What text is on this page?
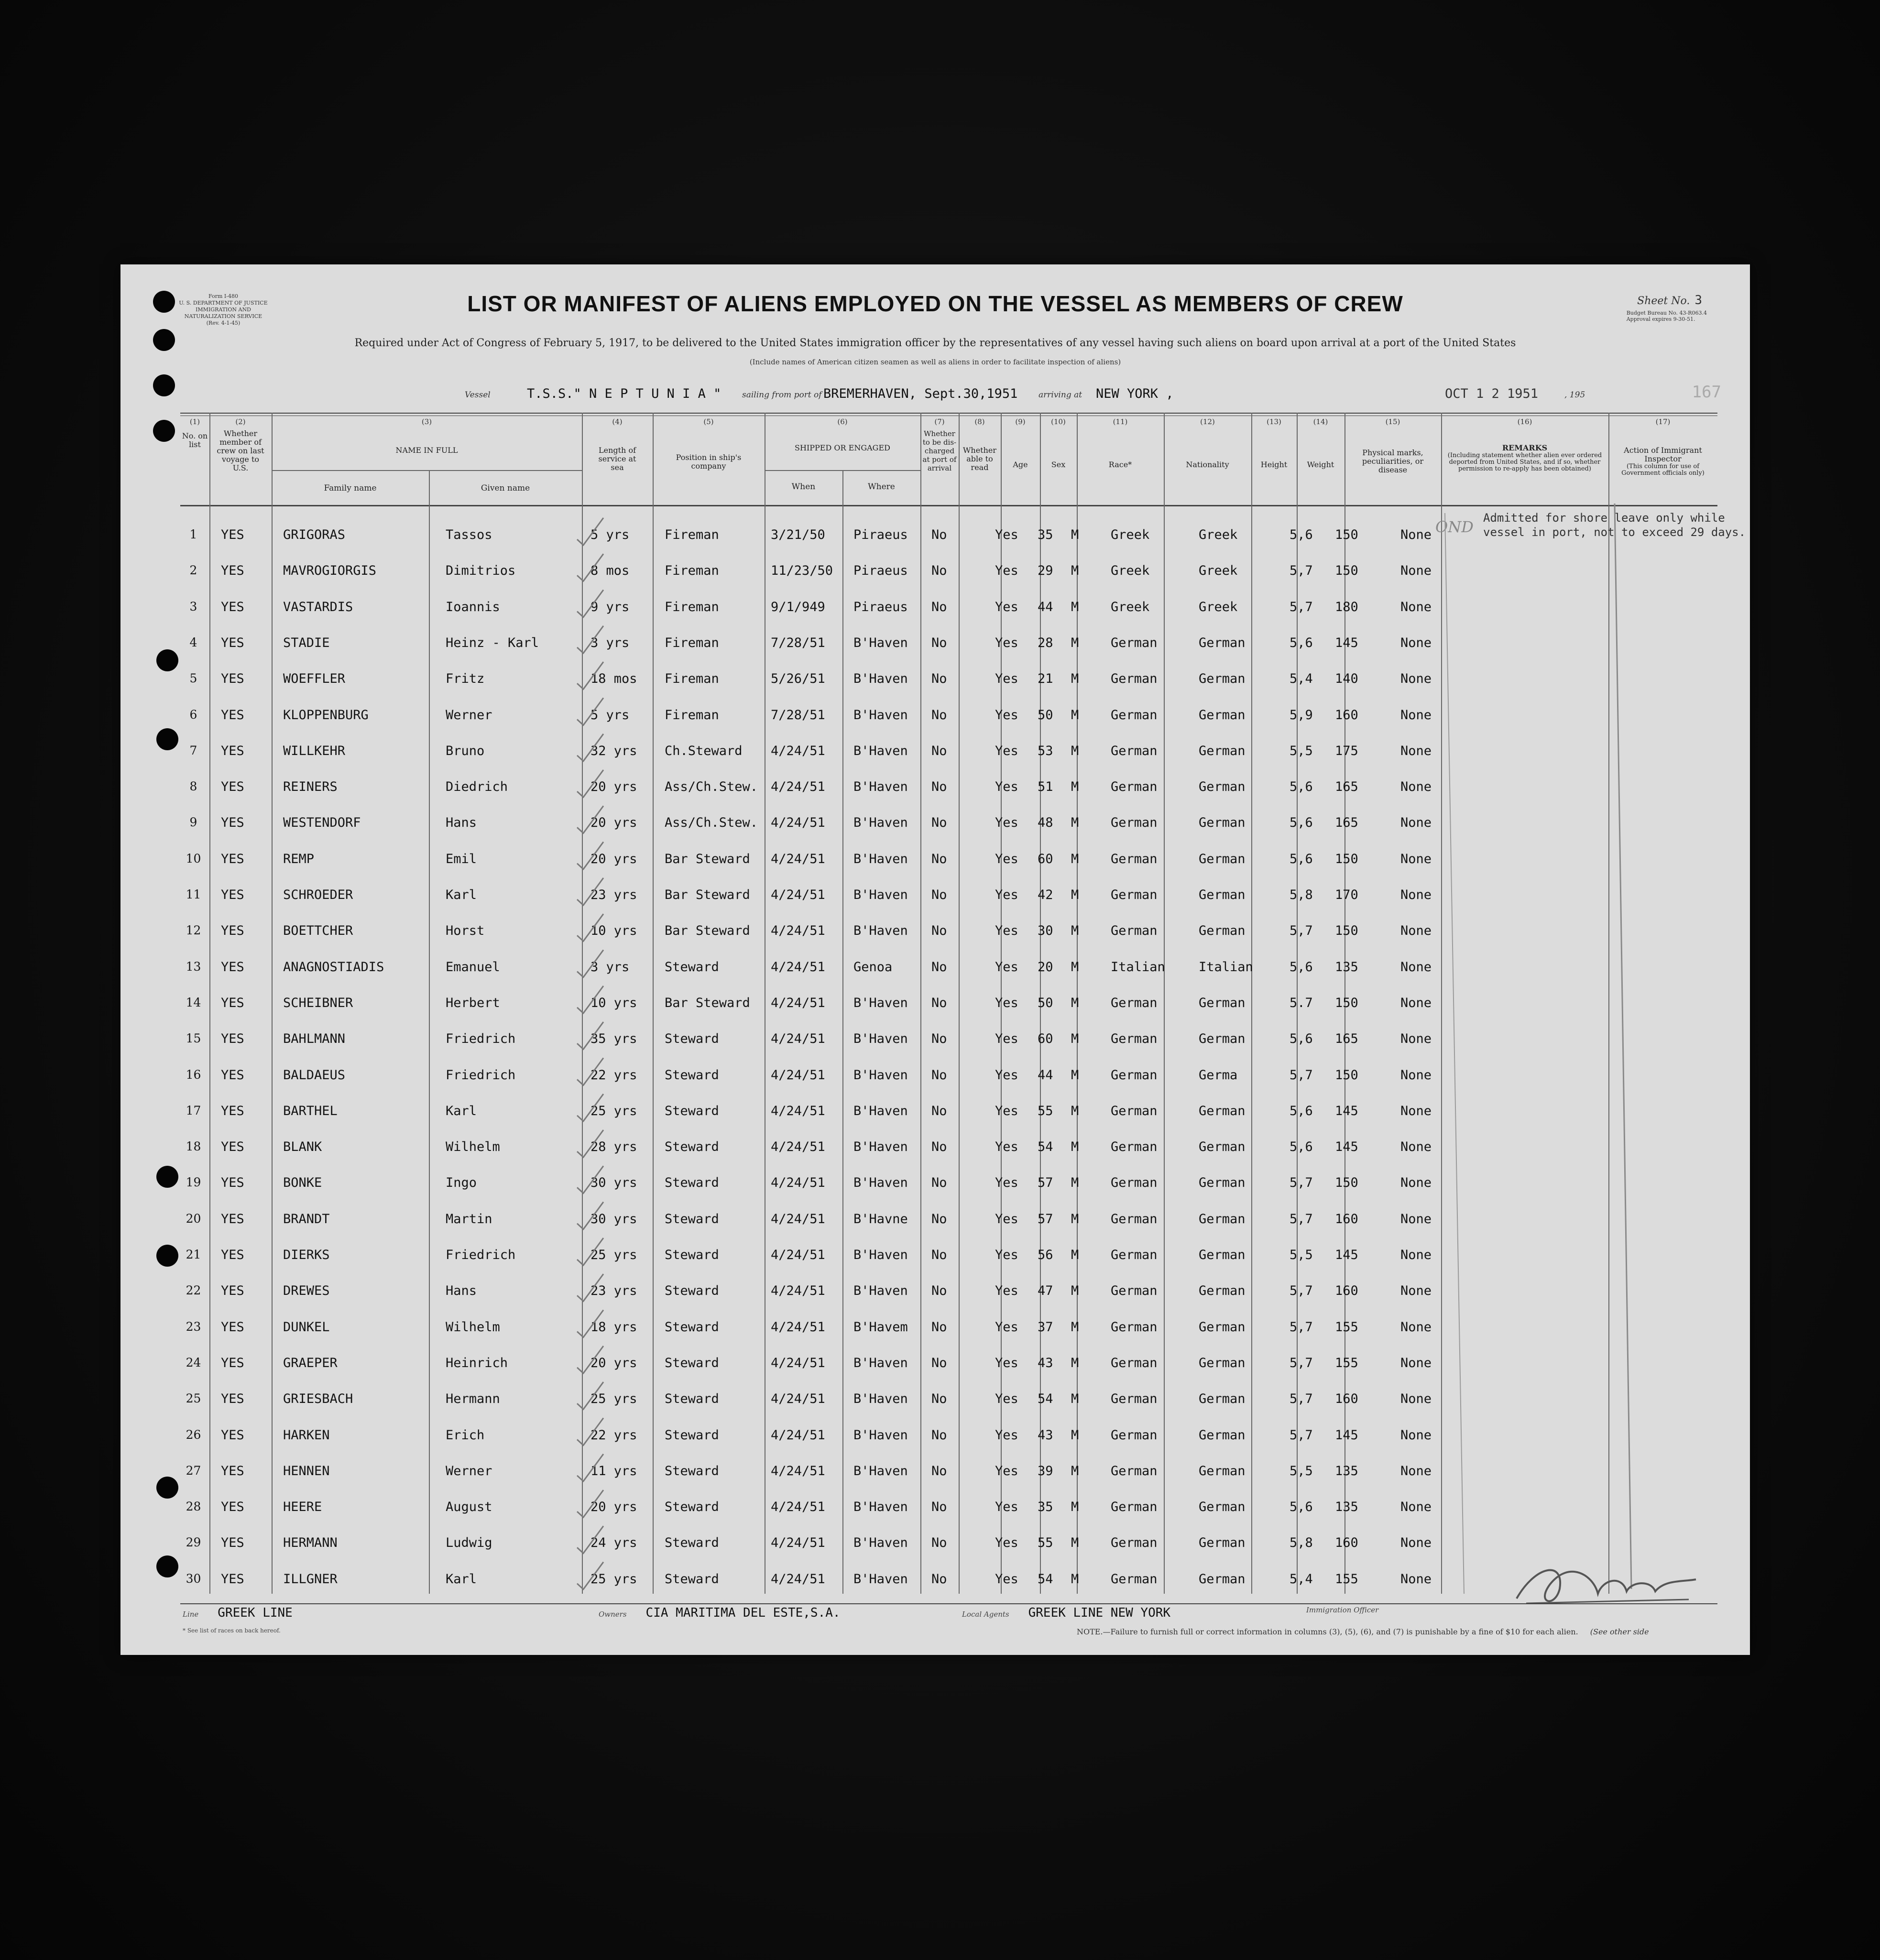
Form I-480
U. S. DEPARTMENT OF JUSTICE
IMMIGRATION AND NATURALIZATION SERVICE
(Rev. 4-1-45)
LIST OR MANIFEST OF ALIENS EMPLOYED ON THE VESSEL AS MEMBERS OF CREW	Sheet No. 3
Budget Bureau No. 43-R063.4
Approval expires 9-30-51.
Required under Act of Congress of February 5, 1917, to be delivered to the United States immigration officer by the representatives of any vessel having such aliens on board upon arrival at a port of the United States
(Include names of American citizen seamen as well as aliens in order to facilitate inspection of aliens)
Vessel	T.S.S." N E P T U N I A "	sailing from port of BREMERHAVEN, Sept.30,1951	arriving at NEW YORK ,	OCT 1 2 1951	, 195	167
(1)
No. on list
(2)
Whether member of crew on last voyage to U.S.
(3)
NAME IN FULL
Family name	Given name
(4)
Length of service at sea
(5)
Position in ship's company
(6)
SHIPPED OR ENGAGED
When	Where
(7)
Whether to be dis-charged at port of arrival
(8)
Whether able to read
(9)
Age
(10)
Sex
(11)
Race*
(12)
Nationality
(13)
Height
(14)
Weight
(15)
Physical marks, peculiarities, or disease
(16)
REMARKS
(Including statement whether alien ever ordered deported from United States, and if so, whether permission to re-apply has been obtained)
(17)
Action of Immigrant Inspector
(This column for use of Government officials only)
OND Admitted for shore leave only while vessel in port, not to exceed 29 days.
1	YES	GRIGORAS	Tassos	5 yrs	Fireman	3/21/50 Piraeus No	Yes 35 M Greek	Greek	5,6 150	None
2	YES	MAVROGIORGIS	Dimitrios	8 mos	Fireman	11/23/50 Piraeus No	Yes 29 M Greek	Greek	5,7 150	None
3	YES	VASTARDIS	Ioannis	9 yrs	Fireman	9/1/949 Piraeus No	Yes 44 M Greek	Greek	5,7 180	None
4	YES	STADIE	Heinz - Karl	3 yrs	Fireman	7/28/51 B'Haven No	Yes 28 M German	German	5,6 145	None
5	YES	WOEFFLER	Fritz	18 mos Fireman	5/26/51 B'Haven No	Yes 21 M German	German	5,4 140	None
6	YES	KLOPPENBURG	Werner	5 yrs	Fireman	7/28/51 B'Haven No	Yes 50 M German	German	5,9 160	None
7	YES	WILLKEHR	Bruno	32 yrs Ch.Steward 4/24/51 B'Haven No	Yes 53 M German	German	5,5 175	None
8	YES	REINERS	Diedrich	20 yrs Ass/Ch.Stew. 4/24/51 B'Haven No	Yes 51 M German	German	5,6 165	None
9	YES	WESTENDORF	Hans	20 yrs Ass/Ch.Stew. 4/24/51 B'Haven No	Yes 48 M German	German	5,6 165	None
10	YES	REMP	Emil	20 yrs Bar Steward 4/24/51 B'Haven No	Yes 60 M German	German	5,6 150	None
11	YES	SCHROEDER	Karl	23 yrs Bar Steward 4/24/51 B'Haven No	Yes 42 M German	German	5,8 170	None
12	YES	BOETTCHER	Horst	10 yrs Bar Steward 4/24/51 B'Haven No	Yes 30 M German	German	5,7 150	None
13	YES	ANAGNOSTIADIS	Emanuel	3 yrs	Steward	4/24/51 Genoa	No	Yes 20 M Italian	Italian	5,6 135	None
14	YES	SCHEIBNER	Herbert	10 yrs Bar Steward 4/24/51 B'Haven No	Yes 50 M German	German	5.7 150	None
15	YES	BAHLMANN	Friedrich	35 yrs Steward	4/24/51 B'Haven No	Yes 60 M German	German	5,6 165	None
16	YES	BALDAEUS	Friedrich	22 yrs Steward	4/24/51 B'Haven No	Yes 44 M German	Germa	5,7 150	None
17	YES	BARTHEL	Karl	25 yrs Steward	4/24/51 B'Haven No	Yes 55 M German	German	5,6 145	None
18	YES	BLANK	Wilhelm	28 yrs Steward	4/24/51 B'Haven No	Yes 54 M German	German	5,6 145	None
19	YES	BONKE	Ingo	30 yrs Steward	4/24/51 B'Haven No	Yes 57 M German	German	5,7 150	None
20	YES	BRANDT	Martin	30 yrs Steward	4/24/51 B'Havne No	Yes 57 M German	German	5,7 160	None
21	YES	DIERKS	Friedrich	25 yrs Steward	4/24/51 B'Haven No	Yes 56 M German	German	5,5 145	None
22	YES	DREWES	Hans	23 yrs Steward	4/24/51 B'Haven No	Yes 47 M German	German	5,7 160	None
23	YES	DUNKEL	Wilhelm	18 yrs Steward	4/24/51 B'Havem No	Yes 37 M German	German	5,7 155	None
24	YES	GRAEPER	Heinrich	20 yrs Steward	4/24/51 B'Haven No	Yes 43 M German	German	5,7 155	None
25	YES	GRIESBACH	Hermann	25 yrs Steward	4/24/51 B'Haven No	Yes 54 M German	German	5,7 160	None
26	YES	HARKEN	Erich	22 yrs Steward	4/24/51 B'Haven No	Yes 43 M German	German	5,7 145	None
27	YES	HENNEN	Werner	11 yrs Steward	4/24/51 B'Haven No	Yes 39 M German	German	5,5 135	None
28	YES	HEERE	August	20 yrs Steward	4/24/51 B'Haven No	Yes 35 M German	German	5,6 135	None
29	YES	HERMANN	Ludwig	24 yrs Steward	4/24/51 B'Haven No	Yes 55 M German	German	5,8 160	None
30	YES	ILLGNER	Karl	25 yrs Steward	4/24/51 B'Haven No	Yes 54 M German	German	5,4 155	None
Line GREEK LINE	Owners CIA MARITIMA DEL ESTE,S.A.	Local Agents GREEK LINE NEW YORK	Immigration Officer
* See list of races on back hereof.	NOTE.—Failure to furnish full or correct information in columns (3), (5), (6), and (7) is punishable by a fine of $10 for each alien. (See other side
